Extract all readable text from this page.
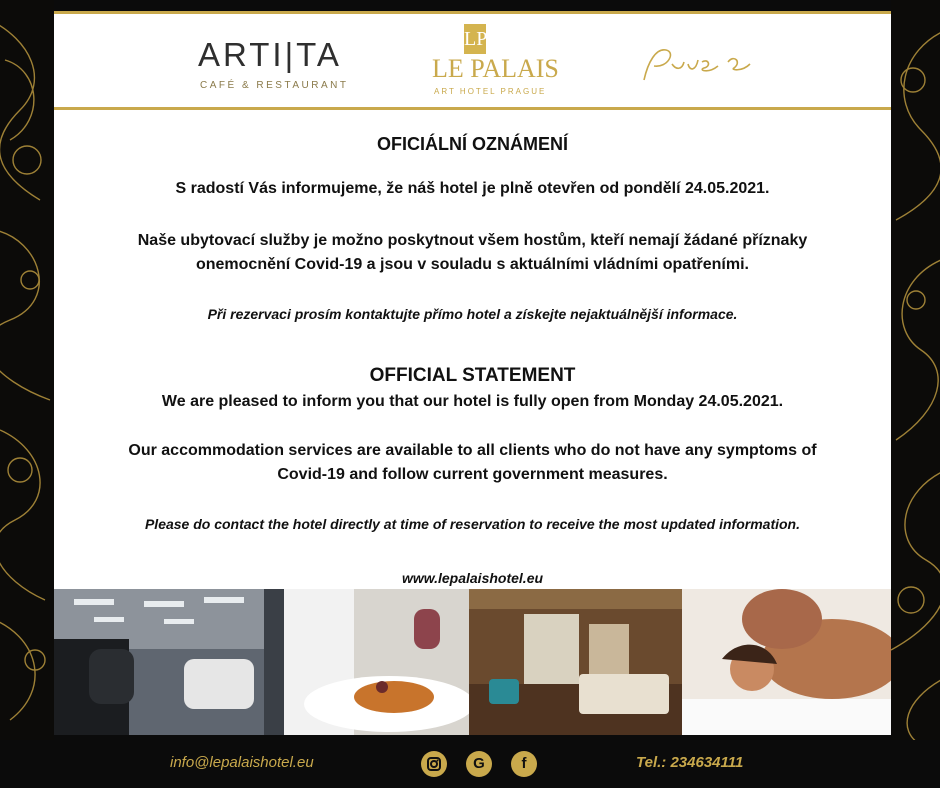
ARTI|TA
CAFÉ & RESTAURANT
LP
LE PALAIS
ART HOTEL PRAGUE
OFICIÁLNÍ OZNÁMENÍ
S radostí Vás informujeme, že náš hotel je plně otevřen od pondělí 24.05.2021.
Naše ubytovací služby je možno poskytnout všem hostům, kteří nemají žádané příznaky
onemocnění Covid-19 a jsou v souladu s aktuálními vládními opatřeními.
Při rezervaci prosím kontaktujte přímo hotel a získejte nejaktuálnější informace.
OFFICIAL STATEMENT
We are pleased to inform you that our hotel is fully open from Monday 24.05.2021.
Our accommodation services are available to all clients who do not have any symptoms of
Covid-19 and follow current government measures.
Please do contact the hotel directly at time of reservation to receive the most updated information.
www.lepalaishotel.eu
info@lepalaishotel.eu	G	f	Tel.: 234634111
